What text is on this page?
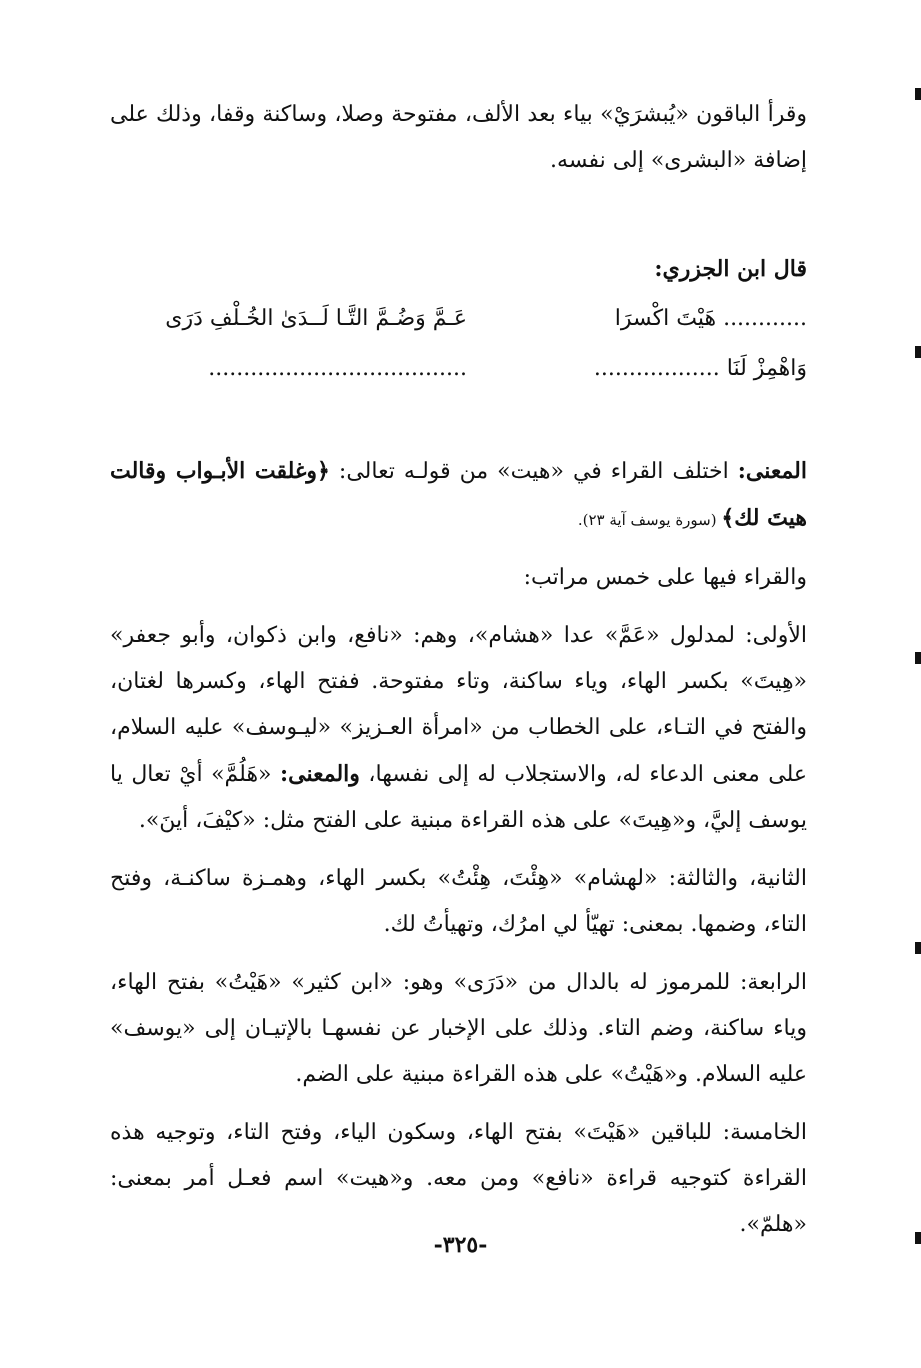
وقرأ الباقون «يُبشرَيْ» بياء بعد الألف، مفتوحة وصلا، وساكنة وقفا، وذلك على إضافة «البشرى» إلى نفسه.

قال ابن الجزري:
............ هَيْتَ اكْسرَا
عَـمَّ وَضُـمَّ التَّـا لَــدَىٰ الخُـلْفِ دَرَى
وَاهْمِزْ لَنَا ..................
.....................................

المعنى: اختلف القراء في «هيت» من قولـه تعالى: ﴿وغلقت الأبـواب وقالت هيتَ لك﴾ (سورة يوسف آية ٢٣).

والقراء فيها على خمس مراتب:

الأولى: لمدلول «عَمَّ» عدا «هشام»، وهم: «نافع، وابن ذكوان، وأبو جعفر» «هِيتَ» بكسر الهاء، وياء ساكنة، وتاء مفتوحة. ففتح الهاء، وكسرها لغتان، والفتح في التـاء، على الخطاب من «امرأة العـزيز» «ليـوسف» عليه السلام، على معنى الدعاء له، والاستجلاب له إلى نفسها، والمعنى: «هَلُمَّ» أيْ تعال يا يوسف إليَّ، و«هِيتَ» على هذه القراءة مبنية على الفتح مثل: «كيْفَ، أينَ».

الثانية، والثالثة: «لهشام» «هِئْتَ، هِئْتُ» بكسر الهاء، وهمـزة ساكنـة، وفتح التاء، وضمها. بمعنى: تهيّأ لي امرُك، وتهيأتُ لك.

الرابعة: للمرموز له بالدال من «دَرَى» وهو: «ابن كثير» «هَيْتُ» بفتح الهاء، وياء ساكنة، وضم التاء. وذلك على الإخبار عن نفسهـا بالإتيـان إلى «يوسف» عليه السلام. و«هَيْتُ» على هذه القراءة مبنية على الضم.

الخامسة: للباقين «هَيْتَ» بفتح الهاء، وسكون الياء، وفتح التاء، وتوجيه هذه القراءة كتوجيه قراءة «نافع» ومن معه. و«هيت» اسم فعـل أمر بمعنى: «هلمّ».

-٣٢٥-
